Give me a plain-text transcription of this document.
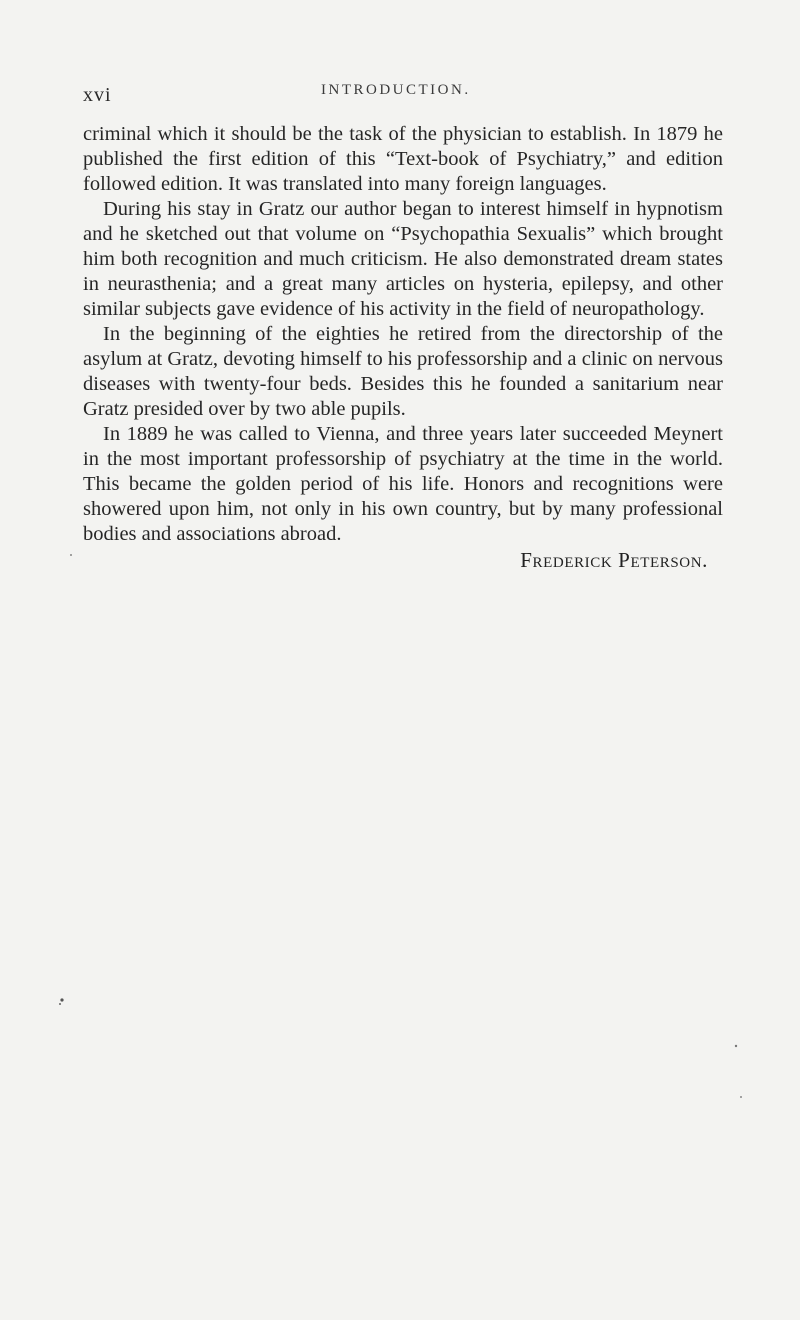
xvi	INTRODUCTION.

criminal which it should be the task of the physician to establish. In 1879 he published the first edition of this “Text-book of Psychiatry,” and edition followed edition. It was translated into many foreign languages.

During his stay in Gratz our author began to interest himself in hypnotism and he sketched out that volume on “Psychopathia Sexualis” which brought him both recognition and much criticism. He also demonstrated dream states in neurasthenia; and a great many articles on hysteria, epilepsy, and other similar subjects gave evidence of his activity in the field of neuropathology.

In the beginning of the eighties he retired from the directorship of the asylum at Gratz, devoting himself to his professorship and a clinic on nervous diseases with twenty-four beds. Besides this he founded a sanitarium near Gratz presided over by two able pupils.

In 1889 he was called to Vienna, and three years later succeeded Meynert in the most important professorship of psychiatry at the time in the world. This became the golden period of his life. Honors and recognitions were showered upon him, not only in his own country, but by many professional bodies and associations abroad.

Frederick Peterson.
